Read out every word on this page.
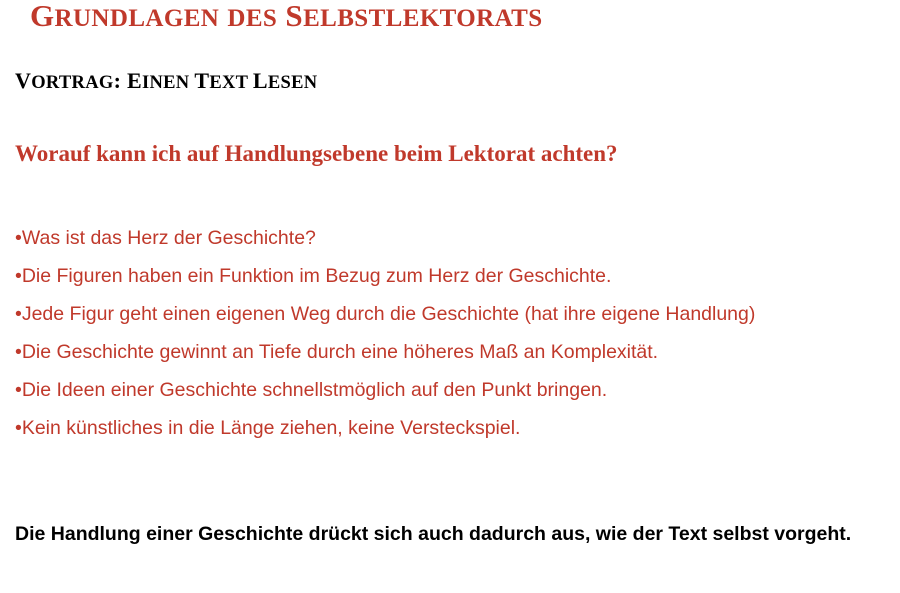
GRUNDLAGEN DES SELBSTLEKTORATS
VORTRAG: EINEN TEXT LESEN
Worauf kann ich auf Handlungsebene beim Lektorat achten?
•Was ist das Herz der Geschichte?
•Die Figuren haben ein Funktion im Bezug zum Herz der Geschichte.
•Jede Figur geht einen eigenen Weg durch die Geschichte (hat ihre eigene Handlung)
•Die Geschichte gewinnt an Tiefe durch eine höheres Maß an Komplexität.
•Die Ideen einer Geschichte schnellstmöglich auf den Punkt bringen.
•Kein künstliches in die Länge ziehen, keine Versteckspiel.
Die Handlung einer Geschichte drückt sich auch dadurch aus, wie der Text selbst vorgeht.
